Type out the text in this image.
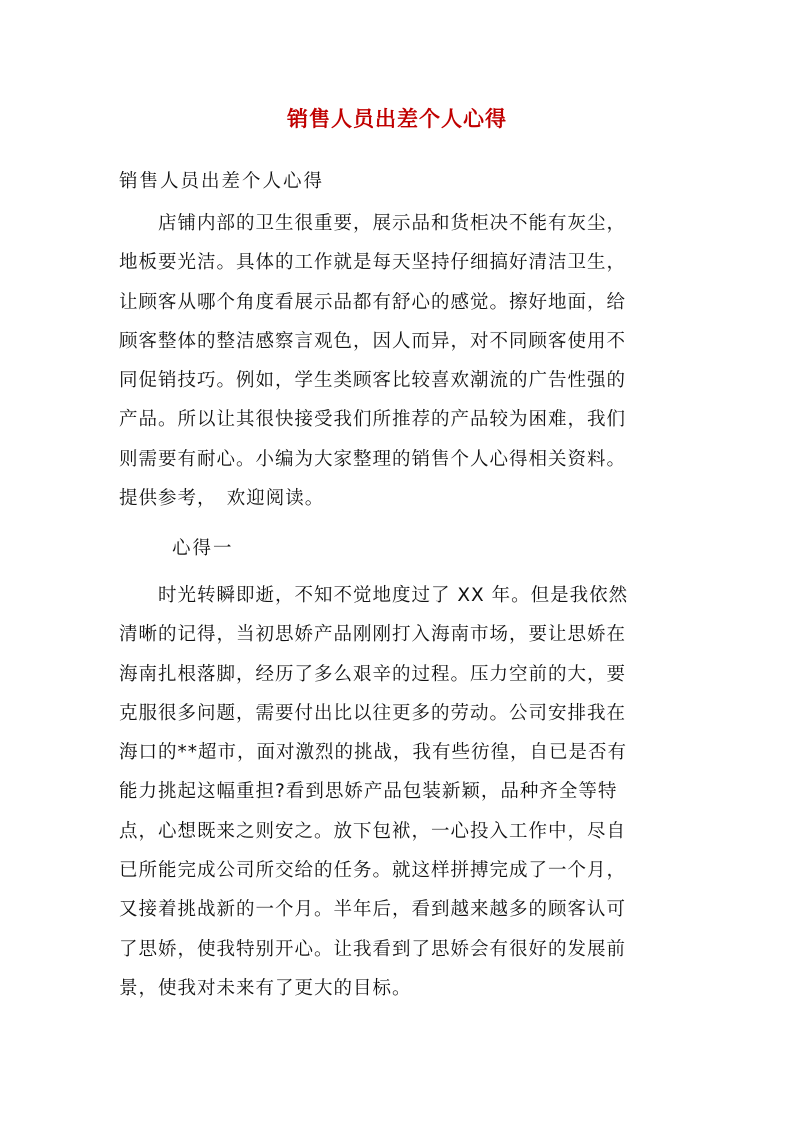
销售人员出差个人心得
销售人员出差个人心得
　　店铺内部的卫生很重要，展示品和货柜决不能有灰尘，
地板要光洁。具体的工作就是每天坚持仔细搞好清洁卫生，
让顾客从哪个角度看展示品都有舒心的感觉。擦好地面，给
顾客整体的整洁感察言观色，因人而异，对不同顾客使用不
同促销技巧。例如，学生类顾客比较喜欢潮流的广告性强的
产品。所以让其很快接受我们所推荐的产品较为困难，我们
则需要有耐心。小编为大家整理的销售个人心得相关资料。
提供参考，　欢迎阅读。
心得一
　　时光转瞬即逝，不知不觉地度过了 XX 年。但是我依然
清晰的记得，当初思娇产品刚刚打入海南市场，要让思娇在
海南扎根落脚，经历了多么艰辛的过程。压力空前的大，要
克服很多问题，需要付出比以往更多的劳动。公司安排我在
海口的**超市，面对激烈的挑战，我有些彷徨，自已是否有
能力挑起这幅重担?看到思娇产品包装新颖，品种齐全等特
点，心想既来之则安之。放下包袱，一心投入工作中，尽自
已所能完成公司所交给的任务。就这样拼搏完成了一个月，
又接着挑战新的一个月。半年后，看到越来越多的顾客认可
了思娇，使我特别开心。让我看到了思娇会有很好的发展前
景，使我对未来有了更大的目标。
